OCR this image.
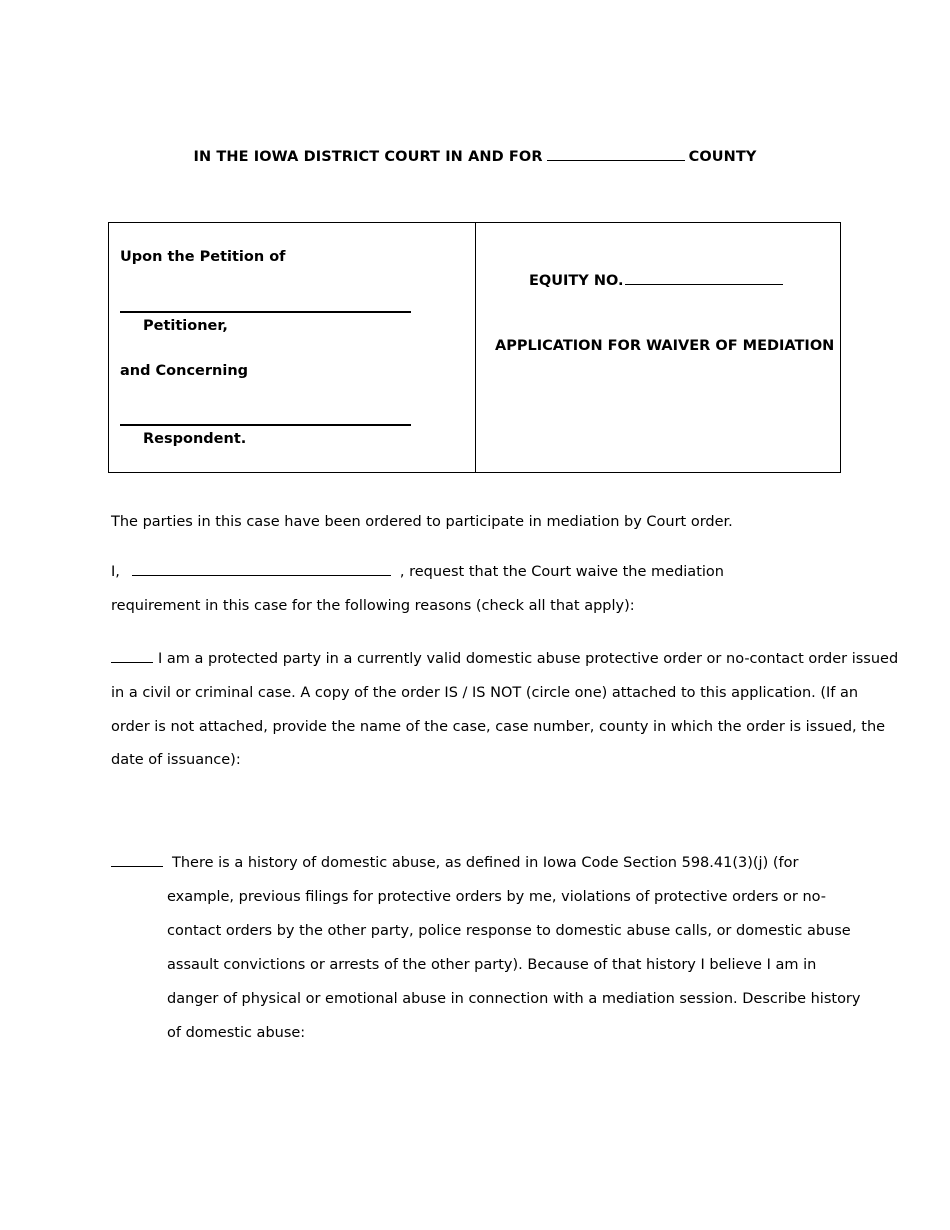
IN THE IOWA DISTRICT COURT IN AND FOR	COUNTY
Upon the Petition of
Petitioner,
and Concerning
Respondent.
EQUITY NO.
APPLICATION FOR WAIVER OF MEDIATION
The parties in this case have been ordered to participate in mediation by Court order.
I,	, request that the Court waive the mediation
requirement in this case for the following reasons (check all that apply):
I am a protected party in a currently valid domestic abuse protective order or no-contact order issued
in a civil or criminal case. A copy of the order IS / IS NOT (circle one) attached to this application. (If an
order is not attached, provide the name of the case, case number, county in which the order is issued, the
date of issuance):
There is a history of domestic abuse, as defined in Iowa Code Section 598.41(3)(j) (for
example, previous filings for protective orders by me, violations of protective orders or no-
contact orders by the other party, police response to domestic abuse calls, or domestic abuse
assault convictions or arrests of the other party). Because of that history I believe I am in
danger of physical or emotional abuse in connection with a mediation session. Describe history
of domestic abuse:
